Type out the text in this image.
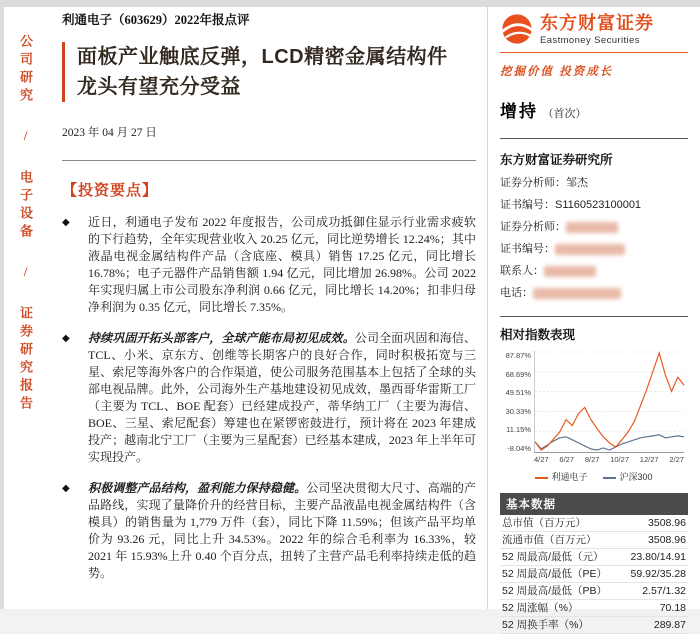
公司研究 / 电子设备 / 证券研究报告
利通电子（603629）2022年报点评
面板产业触底反弹，LCD精密金属结构件龙头有望充分受益
2023 年 04 月 27 日
【投资要点】
◆	近日，利通电子发布 2022 年度报告，公司成功抵御住显示行业需求疲软的下行趋势，全年实现营业收入 20.25 亿元，同比逆势增长 12.24%；其中液晶电视金属结构件产品（含底座、模具）销售 17.25 亿元，同比增长 16.78%；电子元器件产品销售额 1.94 亿元，同比增加 26.98%。公司 2022 年实现归属上市公司股东净利润 0.66 亿元，同比增长 14.20%；扣非归母净利润为 0.35 亿元，同比增长 7.35%。

◆	持续巩固开拓头部客户，全球产能布局初见成效。公司全面巩固和海信、TCL、小米、京东方、创维等长期客户的良好合作，同时积极拓宽与三星、索尼等海外客户的合作渠道，使公司服务范围基本上包括了全球的头部电视品牌。此外，公司海外生产基地建设初见成效，墨西哥华雷斯工厂（主要为 TCL、BOE 配套）已经建成投产，蒂华纳工厂（主要为海信、BOE、三星、索尼配套）筹建也在紧锣密鼓进行，预计将在 2023 年建成投产；越南北宁工厂（主要为三星配套）已经基本建成，2023 年上半年可实现投产。

◆	积极调整产品结构，盈利能力保持稳健。公司坚决贯彻大尺寸、高端的产品路线，实现了量降价升的经营目标，主要产品液晶电视金属结构件（含模具）的销售量为 1,779 万件（套），同比下降 11.59%；但该产品平均单价为 93.26 元，同比上升 34.53%。2022 年的综合毛利率为 16.33%，较 2021 年 15.93%上升 0.40 个百分点，扭转了主营产品毛利率持续走低的趋势。

东方财富证券
Eastmoney Securities
挖掘价值 投资成长
增持 （首次）
东方财富证券研究所
证券分析师： 邹杰
证书编号： S1160523100001
证券分析师：
证书编号：
联系人：
电话：
相对指数表现
87.87%
68.69%
49.51%
30.33%
11.15%
-8.04%
4/27 6/27 8/27 10/27 12/27 2/27
利通电子	沪深300
基本数据
总市值（百万元）	3508.96
流通市值（百万元）	3508.96
52 周最高/最低（元）	23.80/14.91
52 周最高/最低（PE） 59.92/35.28
52 周最高/最低（PB）	2.57/1.32
52 周涨幅（%）	70.18
52 周换手率（%）	289.87
